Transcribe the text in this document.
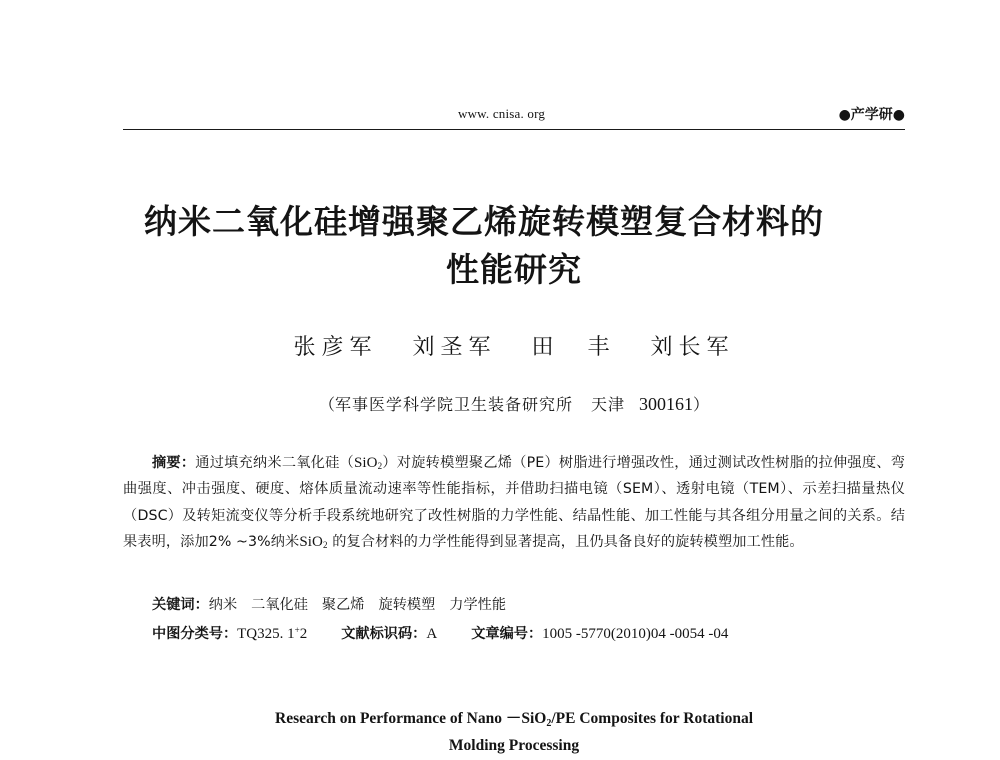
www. cnisa. org	●产学研●
纳米二氧化硅增强聚乙烯旋转模塑复合材料的
性能研究
张彦军 刘圣军 田　丰 刘长军
（军事医学科学院卫生装备研究所 天津 300161）
摘要：通过填充纳米二氧化硅（SiO$_2$）对旋转模塑聚乙烯（PE）树脂进行增强改性，通过测试改性树脂的拉伸强度、弯曲强度、冲击强度、硬度、熔体质量流动速率等性能指标，并借助扫描电镜（SEM）、透射电镜（TEM）、示差扫描量热仪（DSC）及转矩流变仪等分析手段系统地研究了改性树脂的力学性能、结晶性能、加工性能与其各组分用量之间的关系。结果表明，添加2% ~3%纳米SiO$_2$ 的复合材料的力学性能得到显著提高，且仍具备良好的旋转模塑加工性能。
关键词：纳米 二氧化硅 聚乙烯 旋转模塑 力学性能
中图分类号：TQ325. 1+2 文献标识码：A 文章编号：1005 -5770(2010)04 -0054 -04
Research on Performance of Nano －SiO$_2$/PE Composites for Rotational
Molding Processing
